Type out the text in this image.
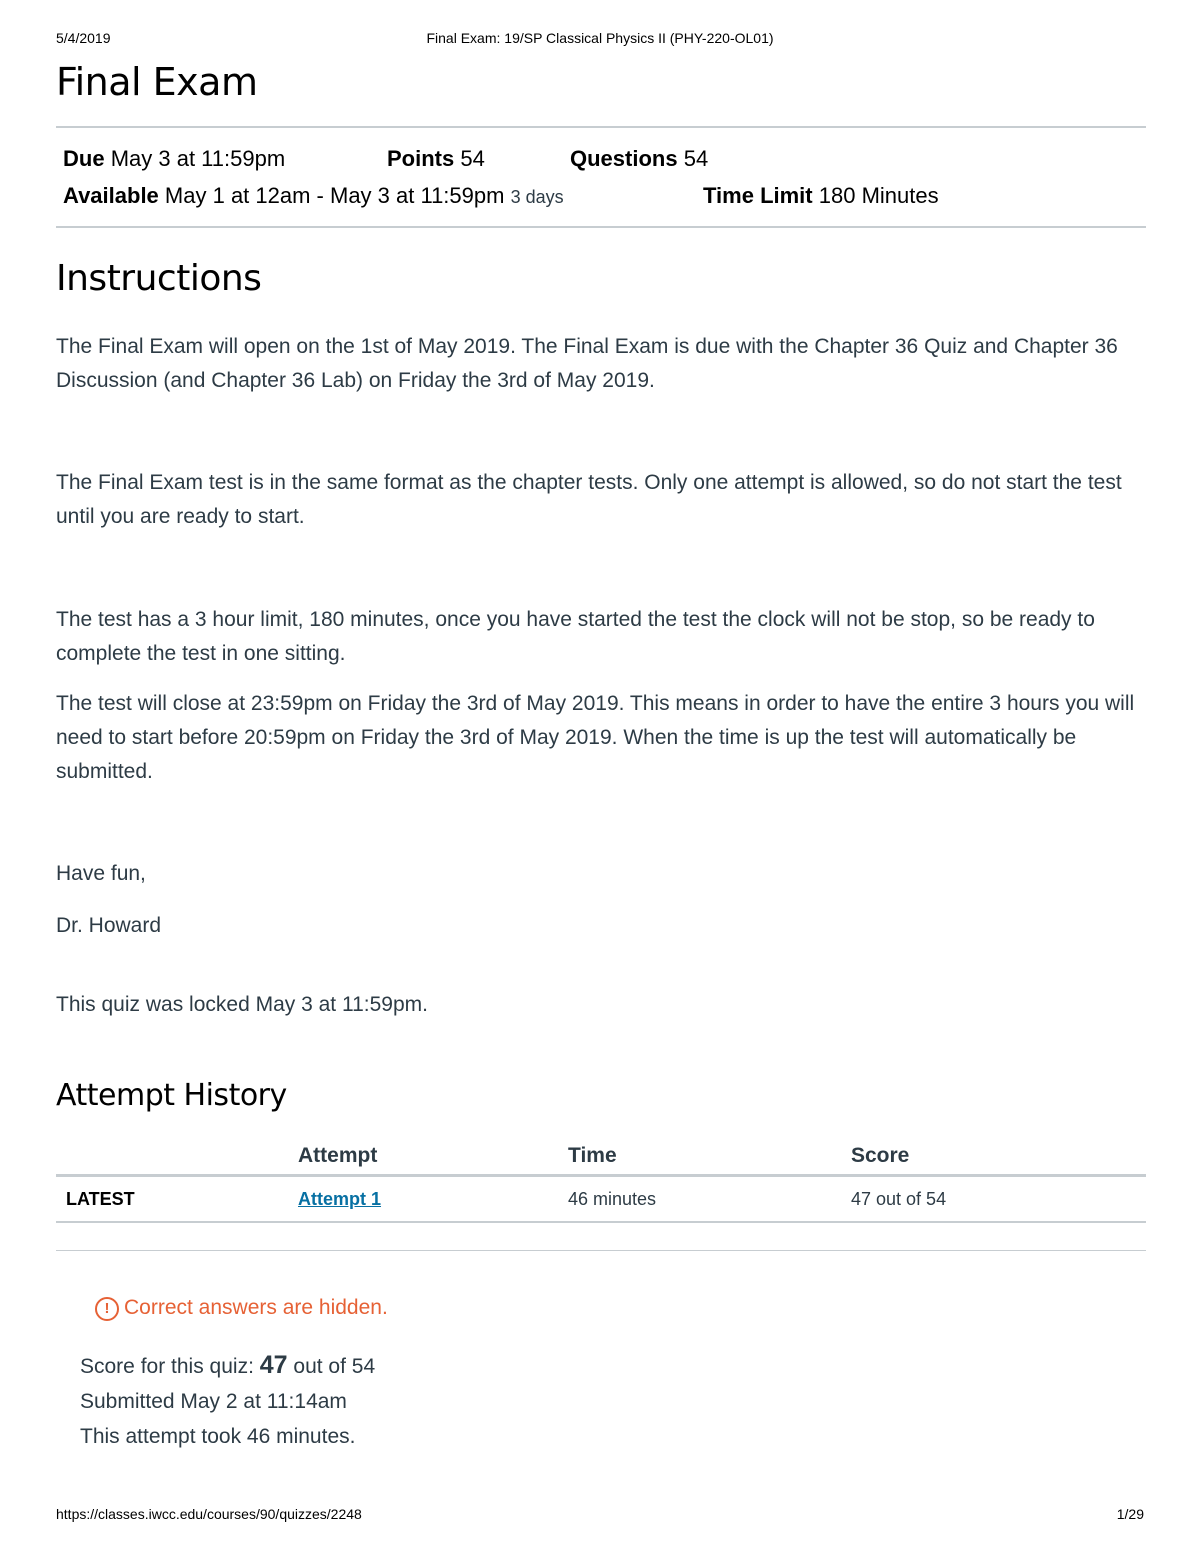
5/4/2019	Final Exam: 19/SP Classical Physics II (PHY-220-OL01)
Final Exam
Due May 3 at 11:59pm	Points 54	Questions 54
Available May 1 at 12am - May 3 at 11:59pm 3 days	Time Limit 180 Minutes
Instructions

The Final Exam will open on the 1st of May 2019. The Final Exam is due with the Chapter 36 Quiz and Chapter 36 Discussion (and Chapter 36 Lab) on Friday the 3rd of May 2019.

The Final Exam test is in the same format as the chapter tests. Only one attempt is allowed, so do not start the test until you are ready to start.

The test has a 3 hour limit, 180 minutes, once you have started the test the clock will not be stop, so be ready to complete the test in one sitting.

The test will close at 23:59pm on Friday the 3rd of May 2019. This means in order to have the entire 3 hours you will need to start before 20:59pm on Friday the 3rd of May 2019. When the time is up the test will automatically be submitted.

Have fun,

Dr. Howard

This quiz was locked May 3 at 11:59pm.

Attempt History
	Attempt	Time	Score
LATEST	Attempt 1	46 minutes	47 out of 54
! Correct answers are hidden.
Score for this quiz: 47 out of 54
Submitted May 2 at 11:14am
This attempt took 46 minutes.
https://classes.iwcc.edu/courses/90/quizzes/2248	1/29
